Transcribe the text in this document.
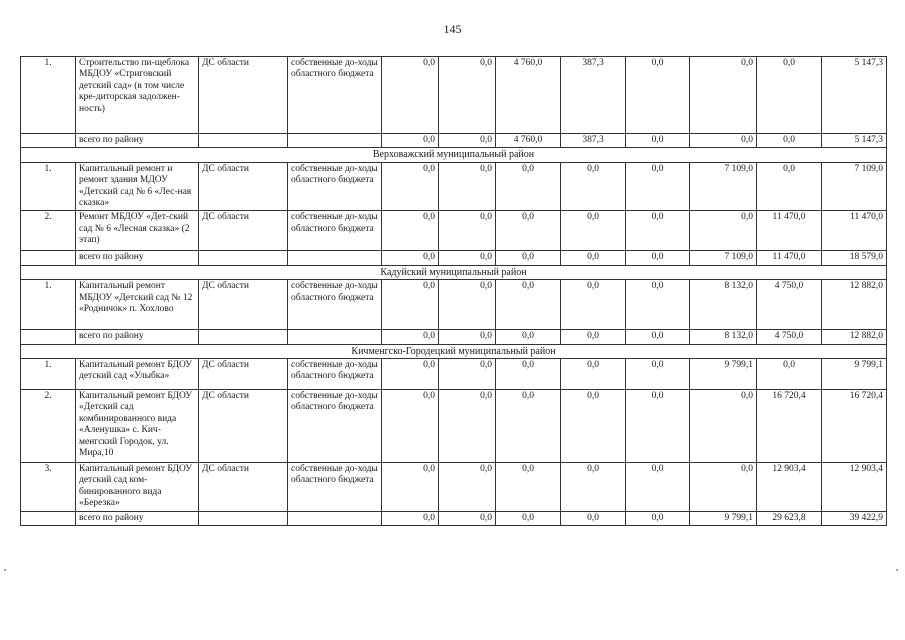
145
1.	Строительство пи-щеблока МБДОУ «Стриговский детский сад» (в том числе кре-диторская задолжен-ность)	ДС области	собственные до-ходы областного бюджета	0,0	0,0	4 760,0	387,3	0,0	0,0	0,0	5 147,3
	всего по району			0,0	0,0	4 760,0	387,3	0,0	0,0	0,0	5 147,3
Верховажский муниципальный район											
1.	Капитальный ремонт и ремонт здания МДОУ «Детский сад № 6 «Лес-ная сказка»	ДС области	собственные до-ходы областного бюджета	0,0	0,0	0,0	0,0	0,0	7 109,0	0,0	7 109,0
2.	Ремонт МБДОУ «Дет-ский сад № 6 «Лесная сказка» (2 этап)	ДС области	собственные до-ходы областного бюджета	0,0	0,0	0,0	0,0	0,0	0,0	11 470,0	11 470,0
	всего по району			0,0	0,0	0,0	0,0	0,0	7 109,0	11 470,0	18 579,0
Кадуйский муниципальный район											
1.	Капитальный ремонт МБДОУ «Детский сад № 12 «Родничок» п. Хохлово	ДС области	собственные до-ходы областного бюджета	0,0	0,0	0,0	0,0	0,0	8 132,0	4 750,0	12 882,0
	всего по району			0,0	0,0	0,0	0,0	0,0	8 132,0	4 750,0	12 882,0
Кичменгско-Городецкий муниципальный район											
1.	Капитальный ремонт БДОУ детский сад «Улыбка»	ДС области	собственные до-ходы областного бюджета	0,0	0,0	0,0	0,0	0,0	9 799,1	0,0	9 799,1
2.	Капитальный ремонт БДОУ «Детский сад комбинированного вида «Аленушка» с. Кич-менгский Городок, ул. Мира,10	ДС области	собственные до-ходы областного бюджета	0,0	0,0	0,0	0,0	0,0	0,0	16 720,4	16 720,4
3.	Капитальный ремонт БДОУ детский сад ком-бинированного вида «Березка»	ДС области	собственные до-ходы областного бюджета	0,0	0,0	0,0	0,0	0,0	0,0	12 903,4	12 903,4
	всего по району			0,0	0,0	0,0	0,0	0,0	9 799,1	29 623,8	39 422,9
▪	▪
